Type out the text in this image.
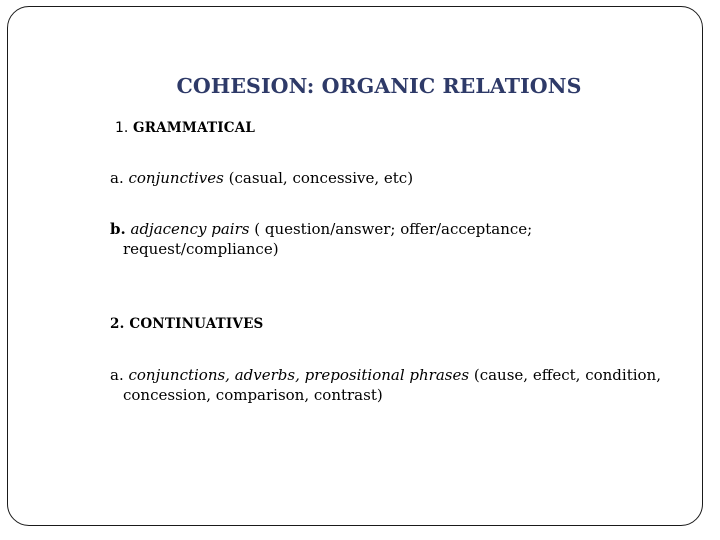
COHESION: ORGANIC RELATIONS
1. GRAMMATICAL
a. conjunctives (casual, concessive, etc)
b. adjacency pairs ( question/answer; offer/acceptance;
request/compliance)
2. CONTINUATIVES
a. conjunctions, adverbs, prepositional phrases (cause, effect, condition,
concession, comparison, contrast)
